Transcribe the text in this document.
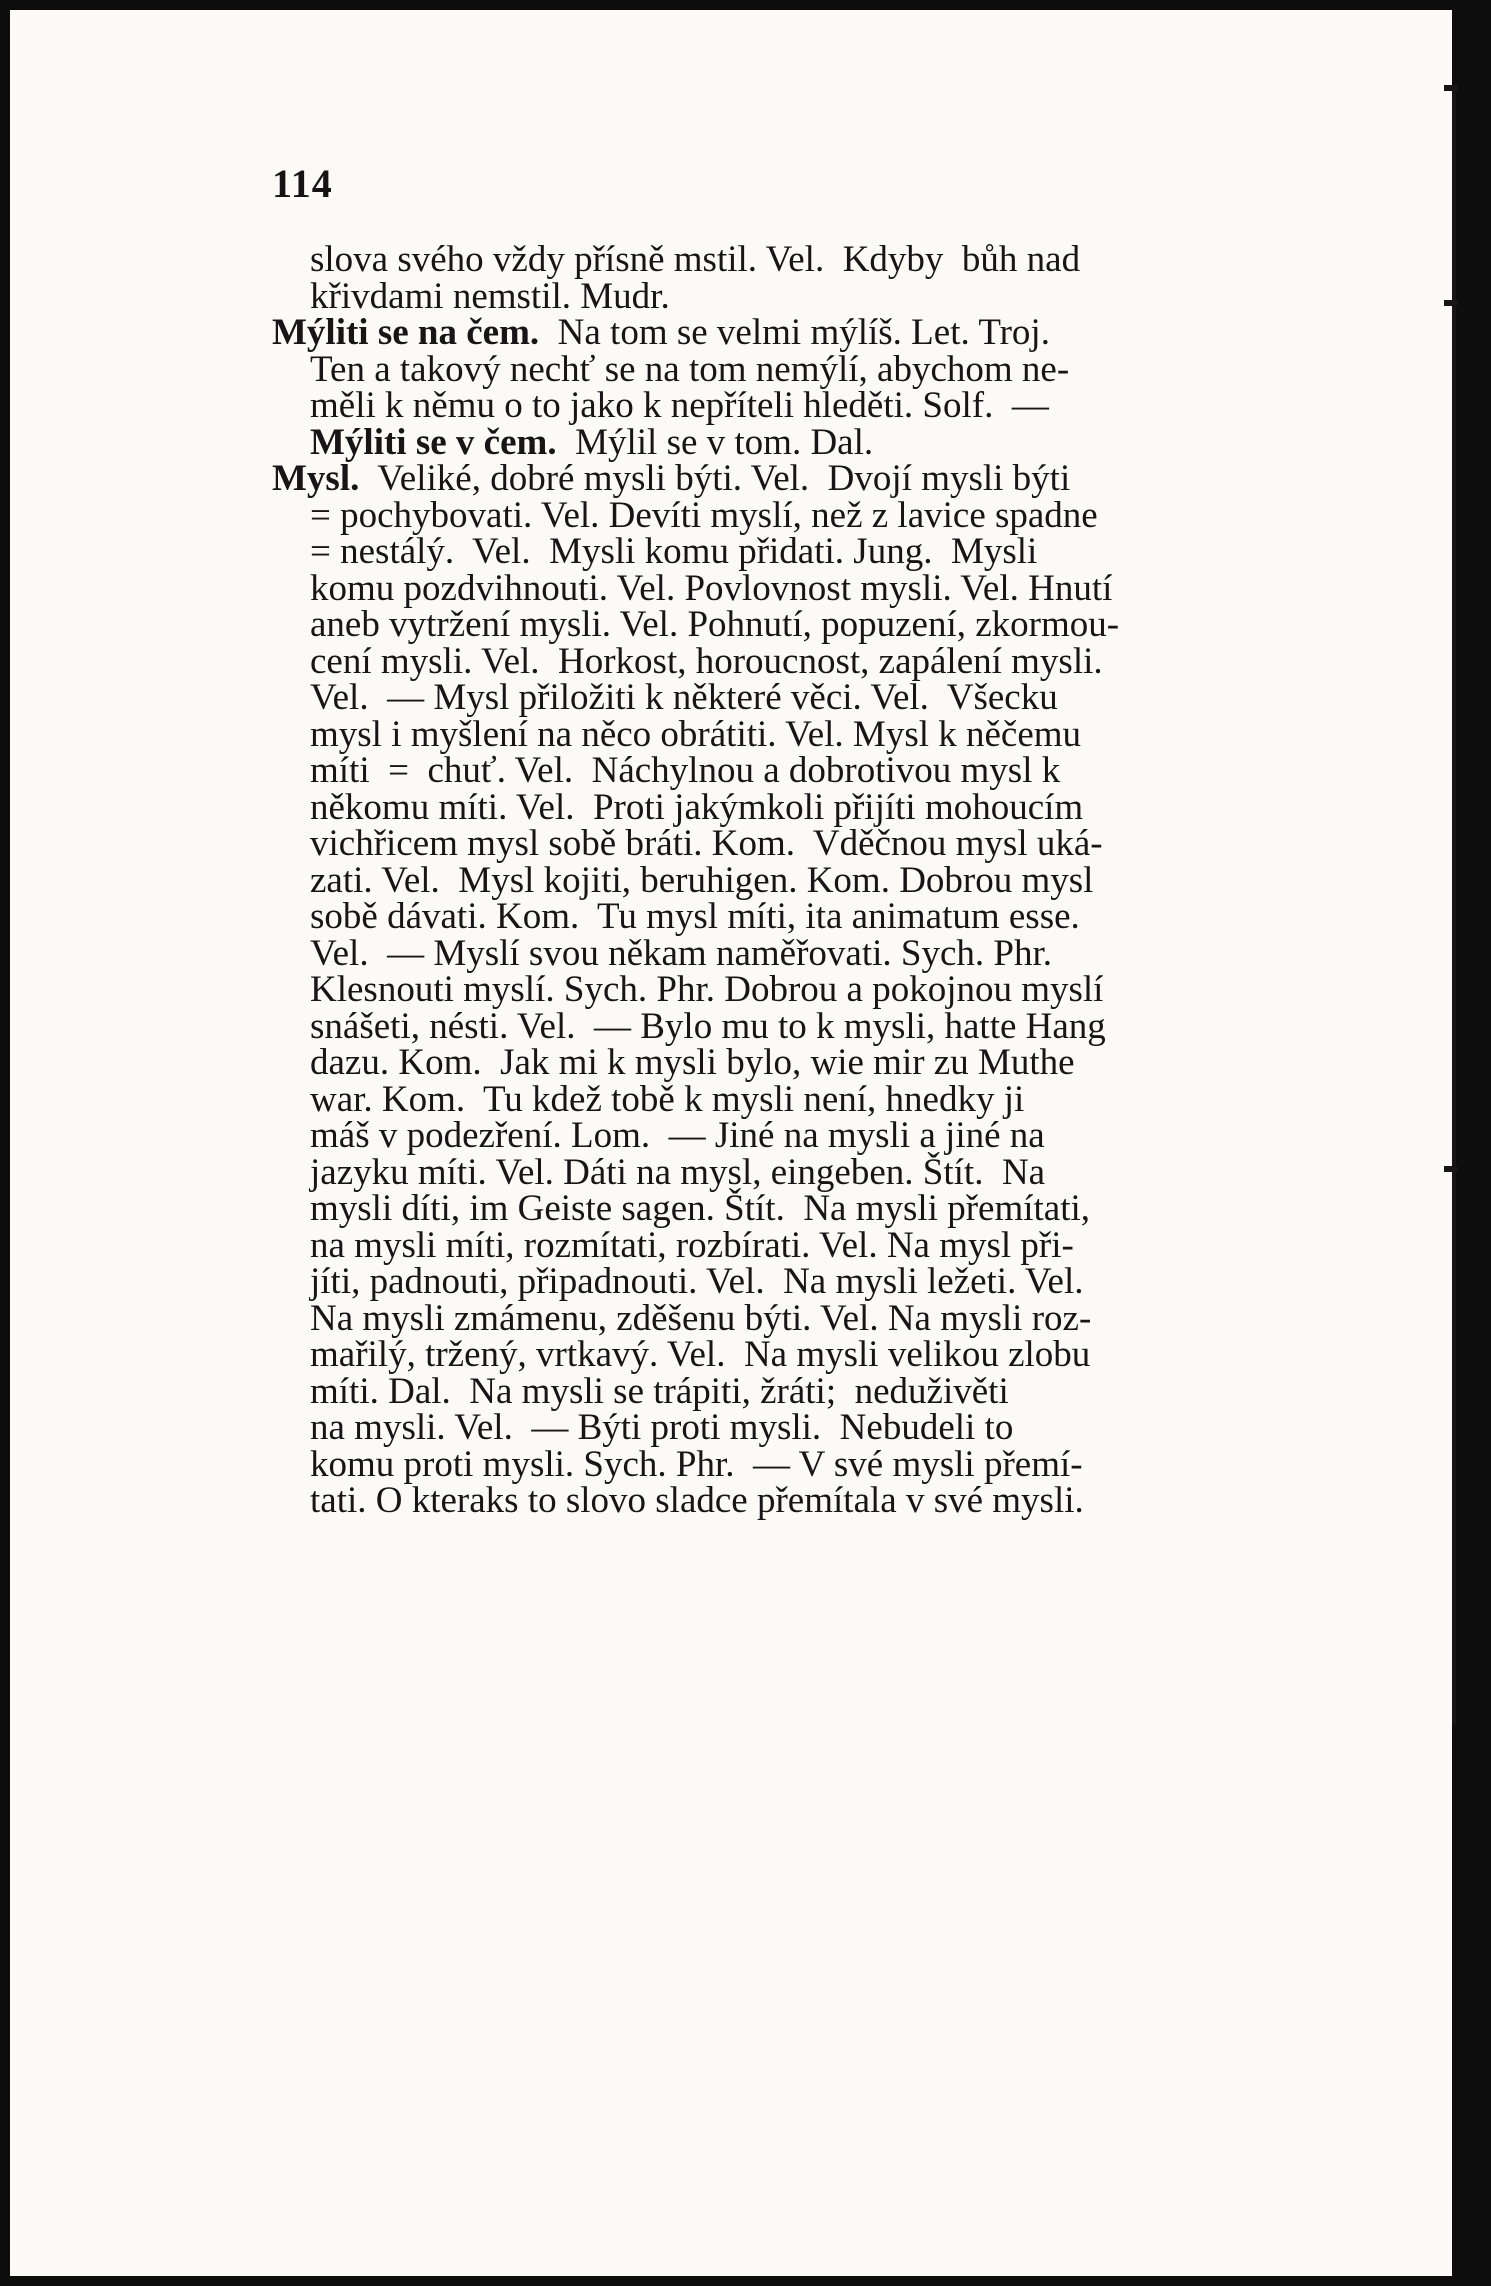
114
slova svého vždy přísně mstil. Vel.  Kdyby  bůh nad
křivdami nemstil. Mudr.
Mýliti se na čem.  Na tom se velmi mýlíš. Let. Troj.
Ten a takový nechť se na tom nemýlí, abychom ne-
měli k němu o to jako k nepříteli hleděti. Solf.  —
Mýliti se v čem.  Mýlil se v tom. Dal.
Mysl.  Veliké, dobré mysli býti. Vel.  Dvojí mysli býti
= pochybovati. Vel. Devíti myslí, než z lavice spadne
= nestálý.  Vel.  Mysli komu přidati. Jung.  Mysli
komu pozdvihnouti. Vel. Povlovnost mysli. Vel. Hnutí
aneb vytržení mysli. Vel. Pohnutí, popuzení, zkormou-
cení mysli. Vel.  Horkost, horoucnost, zapálení mysli.
Vel.  — Mysl přiložiti k některé věci. Vel.  Všecku
mysl i myšlení na něco obrátiti. Vel. Mysl k něčemu
míti  =  chuť. Vel.  Náchylnou a dobrotivou mysl k
někomu míti. Vel.  Proti jakýmkoli přijíti mohoucím
vichřicem mysl sobě bráti. Kom.  Vděčnou mysl uká-
zati. Vel.  Mysl kojiti, beruhigen. Kom. Dobrou mysl
sobě dávati. Kom.  Tu mysl míti, ita animatum esse.
Vel.  — Myslí svou někam naměřovati. Sych. Phr.
Klesnouti myslí. Sych. Phr. Dobrou a pokojnou myslí
snášeti, nésti. Vel.  — Bylo mu to k mysli, hatte Hang
dazu. Kom.  Jak mi k mysli bylo, wie mir zu Muthe
war. Kom.  Tu kdež tobě k mysli není, hnedky ji
máš v podezření. Lom.  — Jiné na mysli a jiné na
jazyku míti. Vel. Dáti na mysl, eingeben. Štít.  Na
mysli díti, im Geiste sagen. Štít.  Na mysli přemítati,
na mysli míti, rozmítati, rozbírati. Vel. Na mysl při-
jíti, padnouti, připadnouti. Vel.  Na mysli ležeti. Vel.
Na mysli zmámenu, zděšenu býti. Vel. Na mysli roz-
mařilý, tržený, vrtkavý. Vel.  Na mysli velikou zlobu
míti. Dal.  Na mysli se trápiti, žráti;  neduživěti
na mysli. Vel.  — Býti proti mysli.  Nebudeli to
komu proti mysli. Sych. Phr.  — V své mysli přemí-
tati. O kteraks to slovo sladce přemítala v své mysli.
